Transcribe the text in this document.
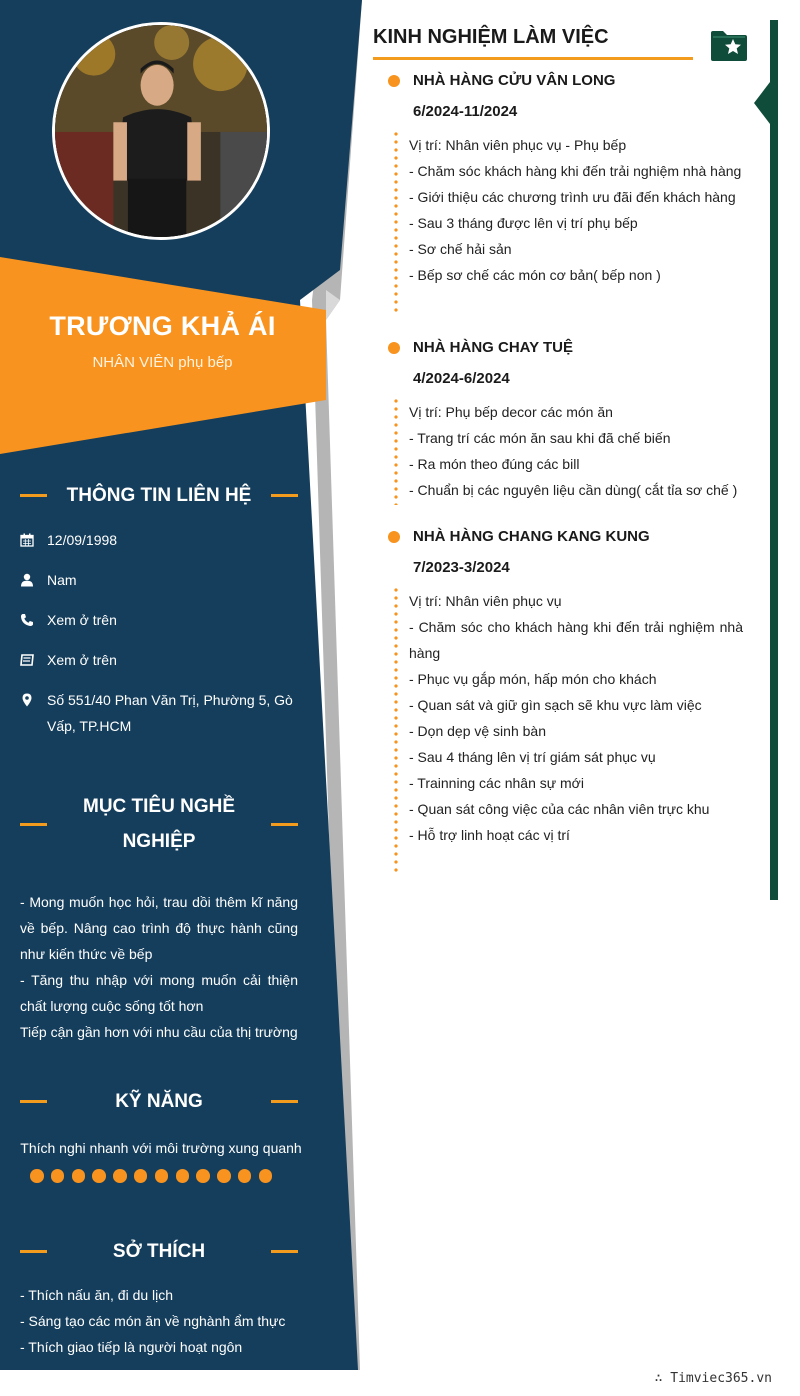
TRƯƠNG KHẢ ÁI
NHÂN VIÊN phụ bếp
THÔNG TIN LIÊN HỆ
12/09/1998
Nam
Xem ở trên
Xem ở trên
Số 551/40 Phan Văn Trị, Phường 5, Gò Vấp, TP.HCM
MỤC TIÊU NGHỀ
NGHIỆP
- Mong muốn học hỏi, trau dồi thêm kĩ năng về bếp. Nâng cao trình độ thực hành cũng như kiến thức về bếp
- Tăng thu nhập với mong muốn cải thiện chất lượng cuộc sống tốt hơn
Tiếp cận gần hơn với nhu cầu của thị trường
KỸ NĂNG
Thích nghi nhanh với môi trường xung quanh
SỞ THÍCH
- Thích nấu ăn, đi du lịch
- Sáng tạo các món ăn về nghành ẩm thực
- Thích giao tiếp là người hoạt ngôn
KINH NGHIỆM LÀM VIỆC
NHÀ HÀNG CỬU VÂN LONG
6/2024-11/2024
Vị trí: Nhân viên phục vụ - Phụ bếp
- Chăm sóc khách hàng khi đến trải nghiệm nhà hàng
- Giới thiệu các chương trình ưu đãi đến khách hàng
- Sau 3 tháng được lên vị trí phụ bếp
- Sơ chế hải sản
- Bếp sơ chế các món cơ bản( bếp non )
NHÀ HÀNG CHAY TUỆ
4/2024-6/2024
Vị trí: Phụ bếp decor các món ăn
- Trang trí các món ăn sau khi đã chế biến
- Ra món theo đúng các bill
- Chuẩn bị các nguyên liệu cần dùng( cắt tỉa sơ chế )
NHÀ HÀNG CHANG KANG KUNG
7/2023-3/2024
Vị trí: Nhân viên phục vụ
- Chăm sóc cho khách hàng khi đến trải nghiệm nhà hàng
- Phục vụ gắp món, hấp món cho khách
- Quan sát và giữ gìn sạch sẽ khu vực làm việc
- Dọn dẹp vệ sinh bàn
- Sau 4 tháng lên vị trí giám sát phục vụ
- Trainning các nhân sự mới
- Quan sát công việc của các nhân viên trực khu
- Hỗ trợ linh hoạt các vị trí
∴ Timviec365.vn
